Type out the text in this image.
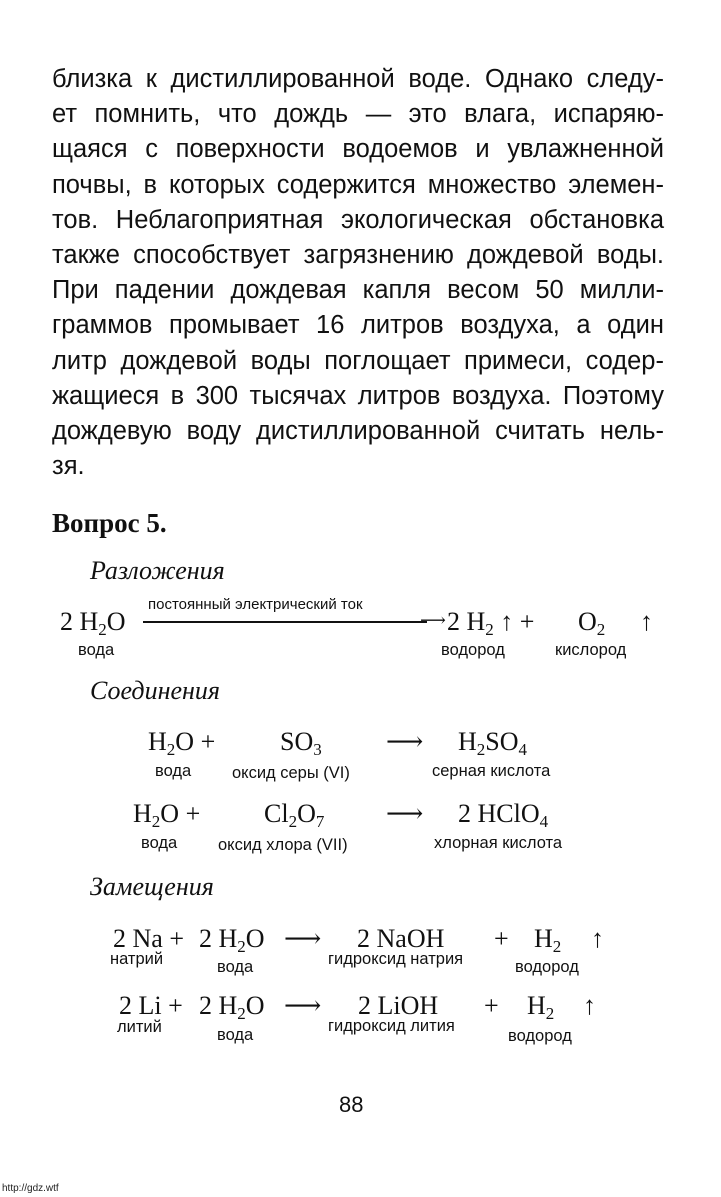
близка к дистиллированной воде. Однако следу-
ет помнить, что дождь — это влага, испаряю-
щаяся с поверхности водоемов и увлажненной
почвы, в которых содержится множество элемен-
тов. Неблагоприятная экологическая обстановка
также способствует загрязнению дождевой воды.
При падении дождевая капля весом 50 милли-
граммов промывает 16 литров воздуха, а один
литр дождевой воды поглощает примеси, содер-
жащиеся в 300 тысячах литров воздуха. Поэтому
дождевую воду дистиллированной считать нель-
зя.
Вопрос 5.
Разложения
2 $H_2O$
вода
постоянный электрический ток
⟶ 2 $H_2$ ↑ +
водород
$O_2$ ↑
кислород
Соединения
$H_2O$ +
вода
$SO_3$
оксид серы (VI)
⟶ $H_2SO_4$
серная кислота
$H_2O$ +
вода
$Cl_2O_7$
оксид хлора (VII)
⟶ 2 HClO$_4$
хлорная кислота
Замещения
2 Na +
натрий
2 $H_2O$
вода
⟶ 2 NaOH +
гидроксид натрия
$H_2$ ↑
водород
2 Li +
литий
2 $H_2O$
вода
⟶ 2 LiOH +
гидроксид лития
$H_2$ ↑
водород
88
http://gdz.wtf
